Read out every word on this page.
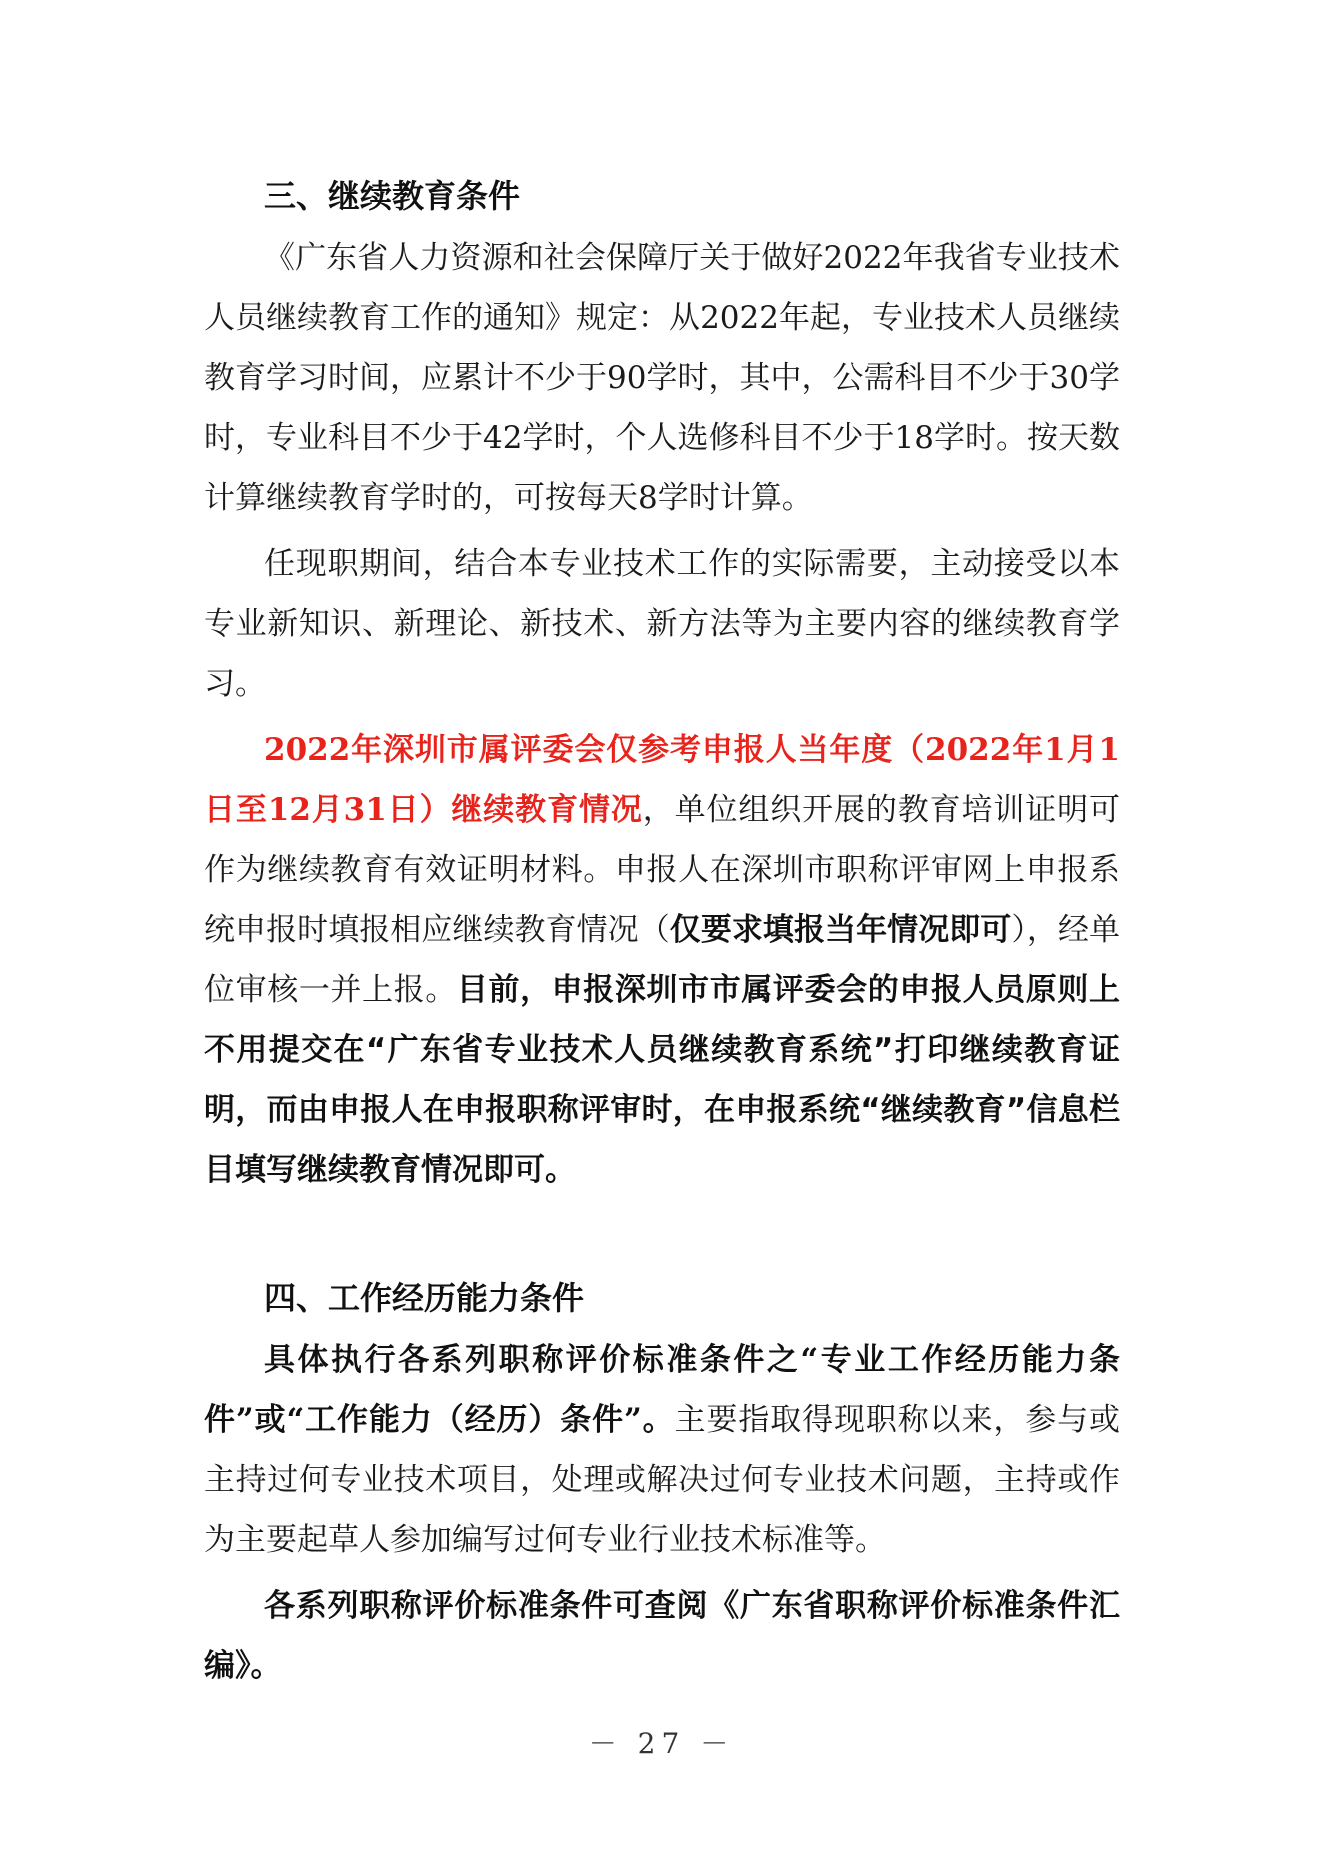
三、继续教育条件

《广东省人力资源和社会保障厅关于做好2022年我省专业技术人员继续教育工作的通知》规定：从2022年起，专业技术人员继续教育学习时间，应累计不少于90学时，其中，公需科目不少于30学时，专业科目不少于42学时，个人选修科目不少于18学时。按天数计算继续教育学时的，可按每天8学时计算。

任现职期间，结合本专业技术工作的实际需要，主动接受以本专业新知识、新理论、新技术、新方法等为主要内容的继续教育学习。

2022年深圳市属评委会仅参考申报人当年度（2022年1月1日至12月31日）继续教育情况，单位组织开展的教育培训证明可作为继续教育有效证明材料。申报人在深圳市职称评审网上申报系统申报时填报相应继续教育情况（仅要求填报当年情况即可），经单位审核一并上报。目前，申报深圳市市属评委会的申报人员原则上不用提交在“广东省专业技术人员继续教育系统”打印继续教育证明，而由申报人在申报职称评审时，在申报系统“继续教育”信息栏目填写继续教育情况即可。

四、工作经历能力条件

具体执行各系列职称评价标准条件之“专业工作经历能力条件”或“工作能力（经历）条件”。主要指取得现职称以来，参与或主持过何专业技术项目，处理或解决过何专业技术问题，主持或作为主要起草人参加编写过何专业行业技术标准等。

各系列职称评价标准条件可查阅《广东省职称评价标准条件汇编》。

－ 27 －
